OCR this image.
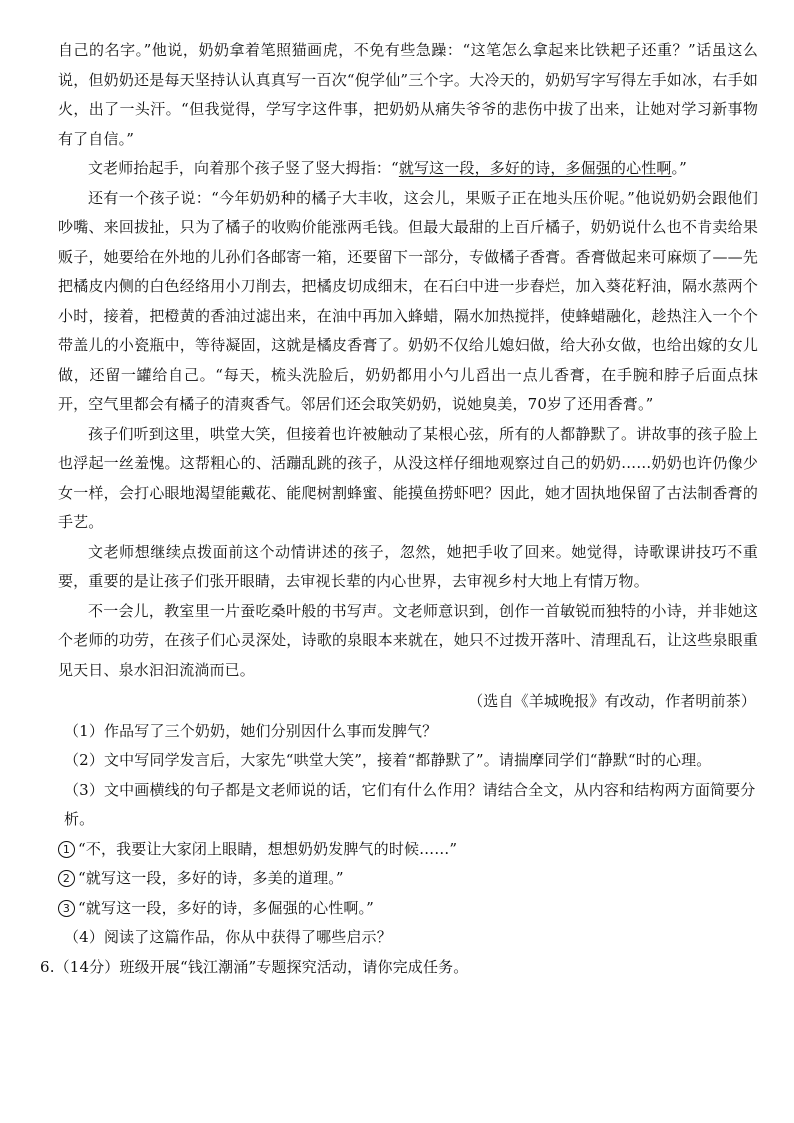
自己的名字。”他说，奶奶拿着笔照猫画虎，不免有些急躁：“这笔怎么拿起来比铁耙子还重？”话虽这么说，但奶奶还是每天坚持认认真真写一百次“倪学仙”三个字。大冷天的，奶奶写字写得左手如冰，右手如火，出了一头汗。“但我觉得，学写字这件事，把奶奶从痛失爷爷的悲伤中拔了出来，让她对学习新事物有了自信。”

文老师抬起手，向着那个孩子竖了竖大拇指：“就写这一段，多好的诗，多倔强的心性啊。”

还有一个孩子说：“今年奶奶种的橘子大丰收，这会儿，果贩子正在地头压价呢。”他说奶奶会跟他们吵嘴、来回拔扯，只为了橘子的收购价能涨两毛钱。但最大最甜的上百斤橘子，奶奶说什么也不肯卖给果贩子，她要给在外地的儿孙们各邮寄一箱，还要留下一部分，专做橘子香膏。香膏做起来可麻烦了——先把橘皮内侧的白色经络用小刀削去，把橘皮切成细末，在石臼中进一步舂烂，加入葵花籽油，隔水蒸两个小时，接着，把橙黄的香油过滤出来，在油中再加入蜂蜡，隔水加热搅拌，使蜂蜡融化，趁热注入一个个带盖儿的小瓷瓶中，等待凝固，这就是橘皮香膏了。奶奶不仅给儿媳妇做，给大孙女做，也给出嫁的女儿做，还留一罐给自己。“每天，梳头洗脸后，奶奶都用小勺儿舀出一点儿香膏，在手腕和脖子后面点抹开，空气里都会有橘子的清爽香气。邻居们还会取笑奶奶，说她臭美，70岁了还用香膏。”

孩子们听到这里，哄堂大笑，但接着也许被触动了某根心弦，所有的人都静默了。讲故事的孩子脸上也浮起一丝羞愧。这帮粗心的、活蹦乱跳的孩子，从没这样仔细地观察过自己的奶奶……奶奶也许仍像少女一样，会打心眼地渴望能戴花、能爬树割蜂蜜、能摸鱼捞虾吧？因此，她才固执地保留了古法制香膏的手艺。

文老师想继续点拨面前这个动情讲述的孩子，忽然，她把手收了回来。她觉得，诗歌课讲技巧不重要，重要的是让孩子们张开眼睛，去审视长辈的内心世界，去审视乡村大地上有情万物。

不一会儿，教室里一片蚕吃桑叶般的书写声。文老师意识到，创作一首敏锐而独特的小诗，并非她这个老师的功劳，在孩子们心灵深处，诗歌的泉眼本来就在，她只不过拨开落叶、清理乱石，让这些泉眼重见天日、泉水汩汩流淌而已。

（选自《羊城晚报》有改动，作者明前茶）

（1）作品写了三个奶奶，她们分别因什么事而发脾气？

（2）文中写同学发言后，大家先“哄堂大笑”，接着“都静默了”。请揣摩同学们“静默“时的心理。

（3）文中画横线的句子都是文老师说的话，它们有什么作用？请结合全文，从内容和结构两方面简要分析。

1 “不，我要让大家闭上眼睛，想想奶奶发脾气的时候……”

2 “就写这一段，多好的诗，多美的道理。”

3 “就写这一段，多好的诗，多倔强的心性啊。”

（4）阅读了这篇作品，你从中获得了哪些启示？

6.（14分）班级开展“钱江潮涌”专题探究活动，请你完成任务。
